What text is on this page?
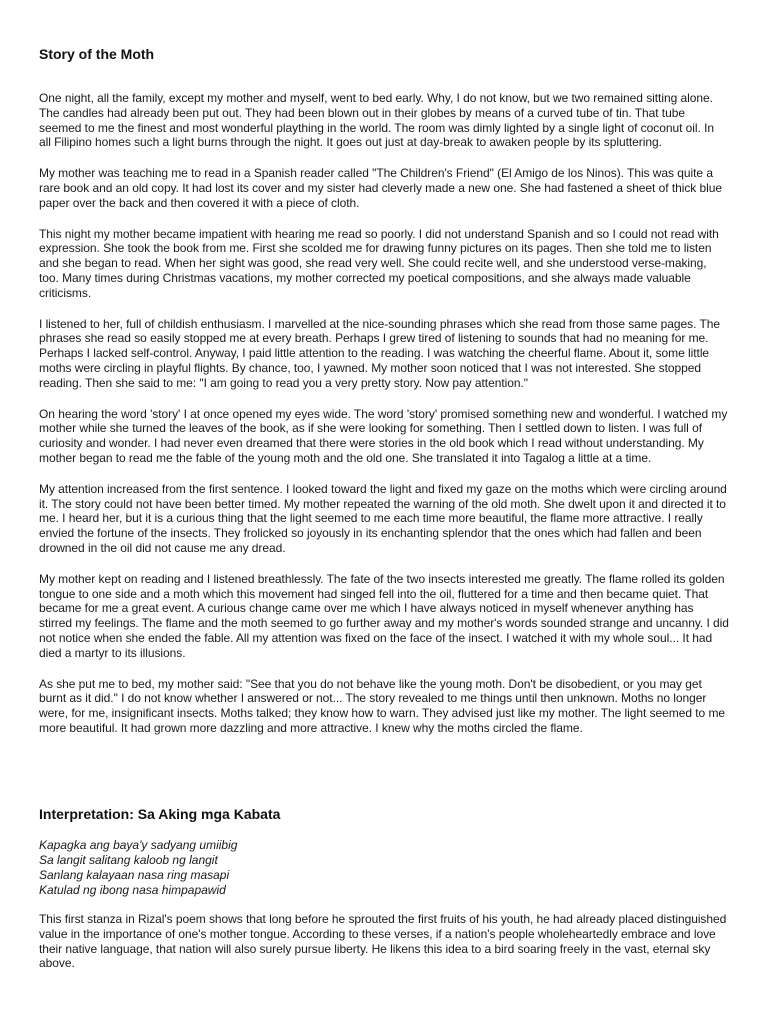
Story of the Moth

One night, all the family, except my mother and myself, went to bed early. Why, I do not know, but we two remained sitting alone. The candles had already been put out. They had been blown out in their globes by means of a curved tube of tin. That tube seemed to me the finest and most wonderful plaything in the world. The room was dimly lighted by a single light of coconut oil. In all Filipino homes such a light burns through the night. It goes out just at day-break to awaken people by its spluttering.

My mother was teaching me to read in a Spanish reader called "The Children's Friend" (El Amigo de los Ninos). This was quite a rare book and an old copy. It had lost its cover and my sister had cleverly made a new one. She had fastened a sheet of thick blue paper over the back and then covered it with a piece of cloth.

This night my mother became impatient with hearing me read so poorly. I did not understand Spanish and so I could not read with expression. She took the book from me. First she scolded me for drawing funny pictures on its pages. Then she told me to listen and she began to read. When her sight was good, she read very well. She could recite well, and she understood verse-making, too. Many times during Christmas vacations, my mother corrected my poetical compositions, and she always made valuable criticisms.

I listened to her, full of childish enthusiasm. I marvelled at the nice-sounding phrases which she read from those same pages. The phrases she read so easily stopped me at every breath. Perhaps I grew tired of listening to sounds that had no meaning for me. Perhaps I lacked self-control. Anyway, I paid little attention to the reading. I was watching the cheerful flame. About it, some little moths were circling in playful flights. By chance, too, I yawned. My mother soon noticed that I was not interested. She stopped reading. Then she said to me: "I am going to read you a very pretty story. Now pay attention."

On hearing the word 'story' I at once opened my eyes wide. The word 'story' promised something new and wonderful. I watched my mother while she turned the leaves of the book, as if she were looking for something. Then I settled down to listen. I was full of curiosity and wonder. I had never even dreamed that there were stories in the old book which I read without understanding. My mother began to read me the fable of the young moth and the old one. She translated it into Tagalog a little at a time.

My attention increased from the first sentence. I looked toward the light and fixed my gaze on the moths which were circling around it. The story could not have been better timed. My mother repeated the warning of the old moth. She dwelt upon it and directed it to me. I heard her, but it is a curious thing that the light seemed to me each time more beautiful, the flame more attractive. I really envied the fortune of the insects. They frolicked so joyously in its enchanting splendor that the ones which had fallen and been drowned in the oil did not cause me any dread.

My mother kept on reading and I listened breathlessly. The fate of the two insects interested me greatly. The flame rolled its golden tongue to one side and a moth which this movement had singed fell into the oil, fluttered for a time and then became quiet. That became for me a great event. A curious change came over me which I have always noticed in myself whenever anything has stirred my feelings. The flame and the moth seemed to go further away and my mother's words sounded strange and uncanny. I did not notice when she ended the fable. All my attention was fixed on the face of the insect. I watched it with my whole soul... It had died a martyr to its illusions.

As she put me to bed, my mother said: "See that you do not behave like the young moth. Don't be disobedient, or you may get burnt as it did." I do not know whether I answered or not... The story revealed to me things until then unknown. Moths no longer were, for me, insignificant insects. Moths talked; they know how to warn. They advised just like my mother. The light seemed to me more beautiful. It had grown more dazzling and more attractive. I knew why the moths circled the flame.

Interpretation: Sa Aking mga Kabata
Kapagka ang baya'y sadyang umiibig
Sa langit salitang kaloob ng langit
Sanlang kalayaan nasa ring masapi
Katulad ng ibong nasa himpapawid

This first stanza in Rizal's poem shows that long before he sprouted the first fruits of his youth, he had already placed distinguished value in the importance of one's mother tongue. According to these verses, if a nation's people wholeheartedly embrace and love their native language, that nation will also surely pursue liberty. He likens this idea to a bird soaring freely in the vast, eternal sky above.
